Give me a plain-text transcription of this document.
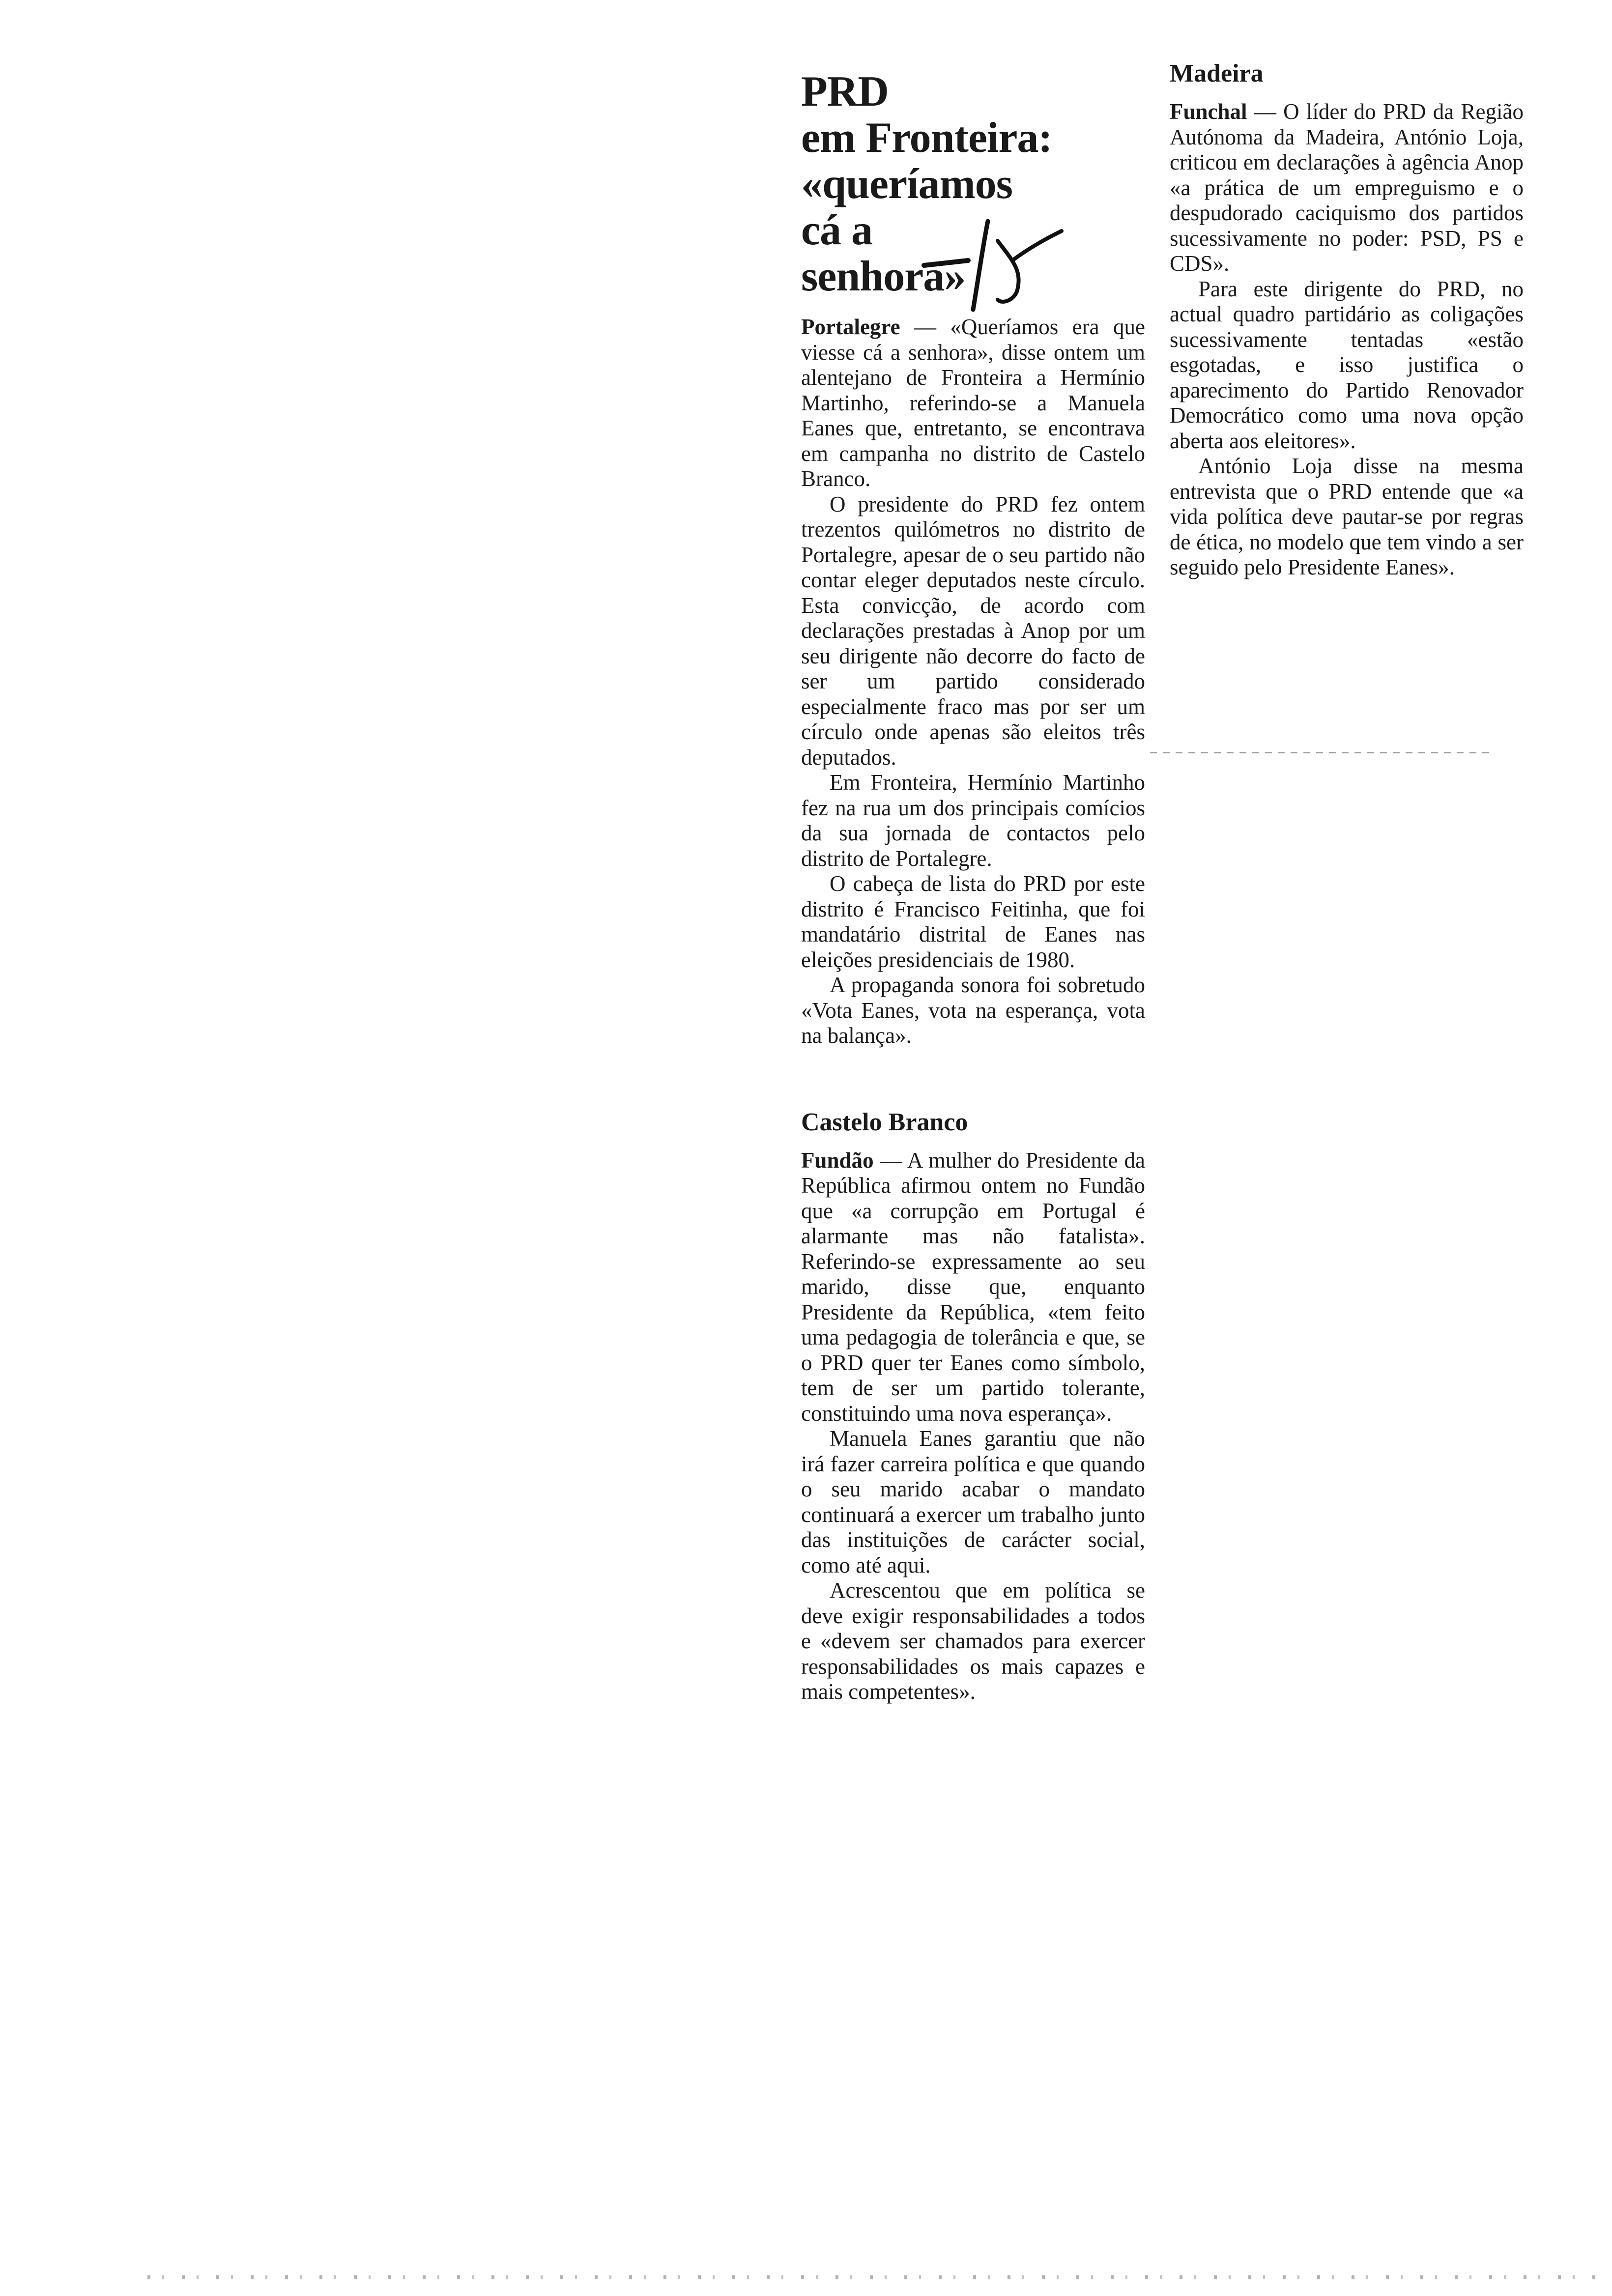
PRD
em Fronteira:
«queríamos
cá a
senhora»

Portalegre — «Queríamos era que viesse cá a senhora», disse ontem um alentejano de Fronteira a Hermínio Martinho, referindo-se a Manuela Eanes que, entretanto, se encontrava em campanha no distrito de Castelo Branco.

O presidente do PRD fez ontem trezentos quilómetros no distrito de Portalegre, apesar de o seu partido não contar eleger deputados neste círculo. Esta convicção, de acordo com declarações prestadas à Anop por um seu dirigente não decorre do facto de ser um partido considerado especialmente fraco mas por ser um círculo onde apenas são eleitos três deputados.

Em Fronteira, Hermínio Martinho fez na rua um dos principais comícios da sua jornada de contactos pelo distrito de Portalegre.

O cabeça de lista do PRD por este distrito é Francisco Feitinha, que foi mandatário distrital de Eanes nas eleições presidenciais de 1980.

A propaganda sonora foi sobretudo «Vota Eanes, vota na esperança, vota na balança».

Castelo Branco

Fundão — A mulher do Presidente da República afirmou ontem no Fundão que «a corrupção em Portugal é alarmante mas não fatalista». Referindo-se expressamente ao seu marido, disse que, enquanto Presidente da República, «tem feito uma pedagogia de tolerância e que, se o PRD quer ter Eanes como símbolo, tem de ser um partido tolerante, constituindo uma nova esperança».

Manuela Eanes garantiu que não irá fazer carreira política e que quando o seu marido acabar o mandato continuará a exercer um trabalho junto das instituições de carácter social, como até aqui.

Acrescentou que em política se deve exigir responsabilidades a todos e «devem ser chamados para exercer responsabilidades os mais capazes e mais competentes».

Madeira

Funchal — O líder do PRD da Região Autónoma da Madeira, António Loja, criticou em declarações à agência Anop «a prática de um empreguismo e o despudorado caciquismo dos partidos sucessivamente no poder: PSD, PS e CDS».

Para este dirigente do PRD, no actual quadro partidário as coligações sucessivamente tentadas «estão esgotadas, e isso justifica o aparecimento do Partido Renovador Democrático como uma nova opção aberta aos eleitores».

António Loja disse na mesma entrevista que o PRD entende que «a vida política deve pautar-se por regras de ética, no modelo que tem vindo a ser seguido pelo Presidente Eanes».
